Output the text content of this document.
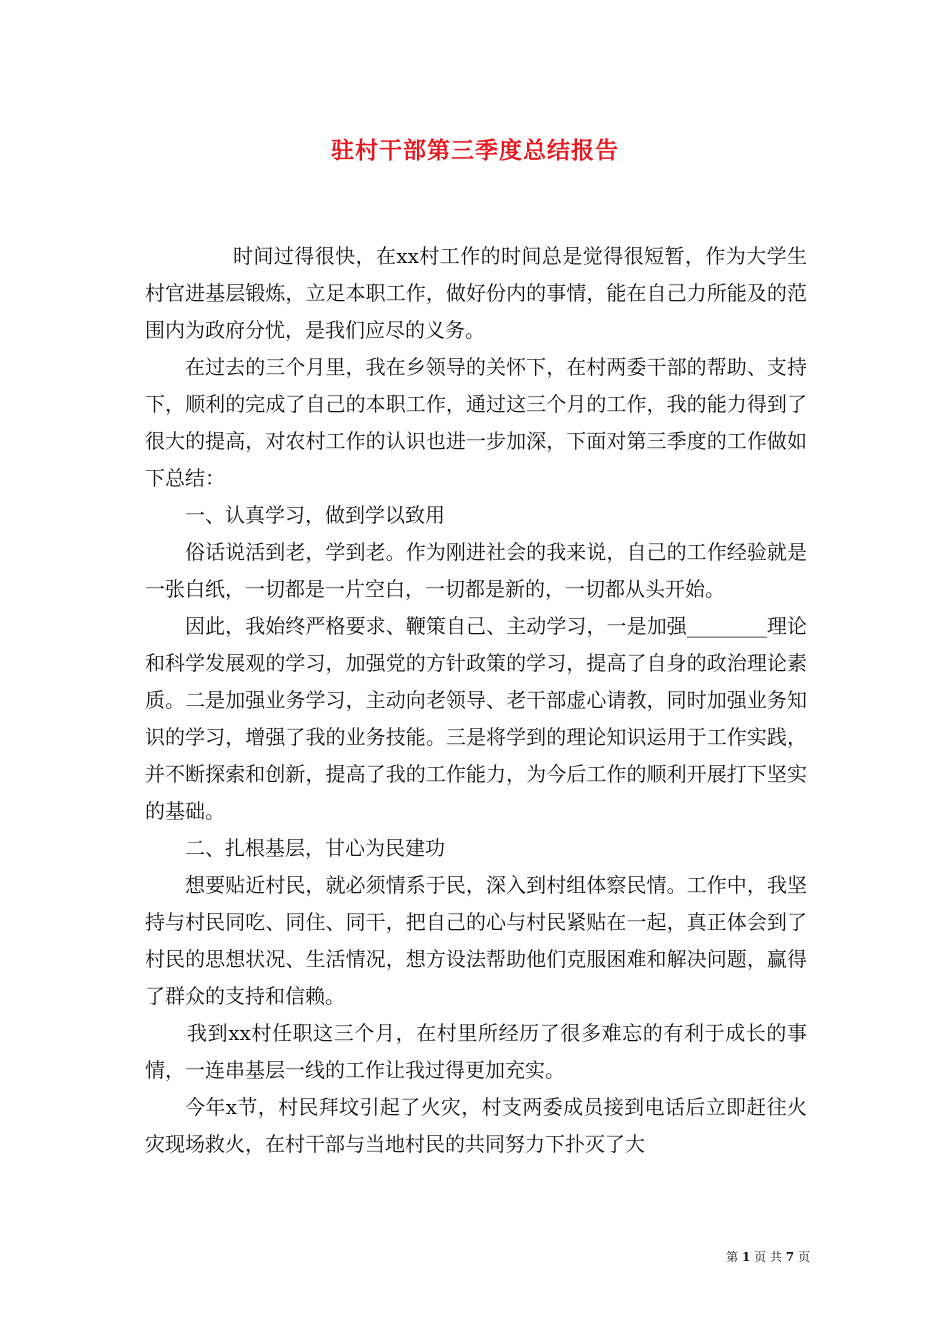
驻村干部第三季度总结报告

时间过得很快，在xx村工作的时间总是觉得很短暂，作为大学生村官进基层锻炼，立足本职工作，做好份内的事情，能在自己力所能及的范围内为政府分忧，是我们应尽的义务。

在过去的三个月里，我在乡领导的关怀下，在村两委干部的帮助、支持下，顺利的完成了自己的本职工作，通过这三个月的工作，我的能力得到了很大的提高，对农村工作的认识也进一步加深，下面对第三季度的工作做如下总结：

一、认真学习，做到学以致用

俗话说活到老，学到老。作为刚进社会的我来说，自己的工作经验就是一张白纸，一切都是一片空白，一切都是新的，一切都从头开始。

因此，我始终严格要求、鞭策自己、主动学习，一是加强________理论和科学发展观的学习，加强党的方针政策的学习，提高了自身的政治理论素质。二是加强业务学习，主动向老领导、老干部虚心请教，同时加强业务知识的学习，增强了我的业务技能。三是将学到的理论知识运用于工作实践，并不断探索和创新，提高了我的工作能力，为今后工作的顺利开展打下坚实的基础。

二、扎根基层，甘心为民建功

想要贴近村民，就必须情系于民，深入到村组体察民情。工作中，我坚持与村民同吃、同住、同干，把自己的心与村民紧贴在一起，真正体会到了村民的思想状况、生活情况，想方设法帮助他们克服困难和解决问题，赢得了群众的支持和信赖。

我到xx村任职这三个月，在村里所经历了很多难忘的有利于成长的事情，一连串基层一线的工作让我过得更加充实。

今年x节，村民拜坟引起了火灾，村支两委成员接到电话后立即赶往火灾现场救火，在村干部与当地村民的共同努力下扑灭了大

第 1 页 共 7 页
